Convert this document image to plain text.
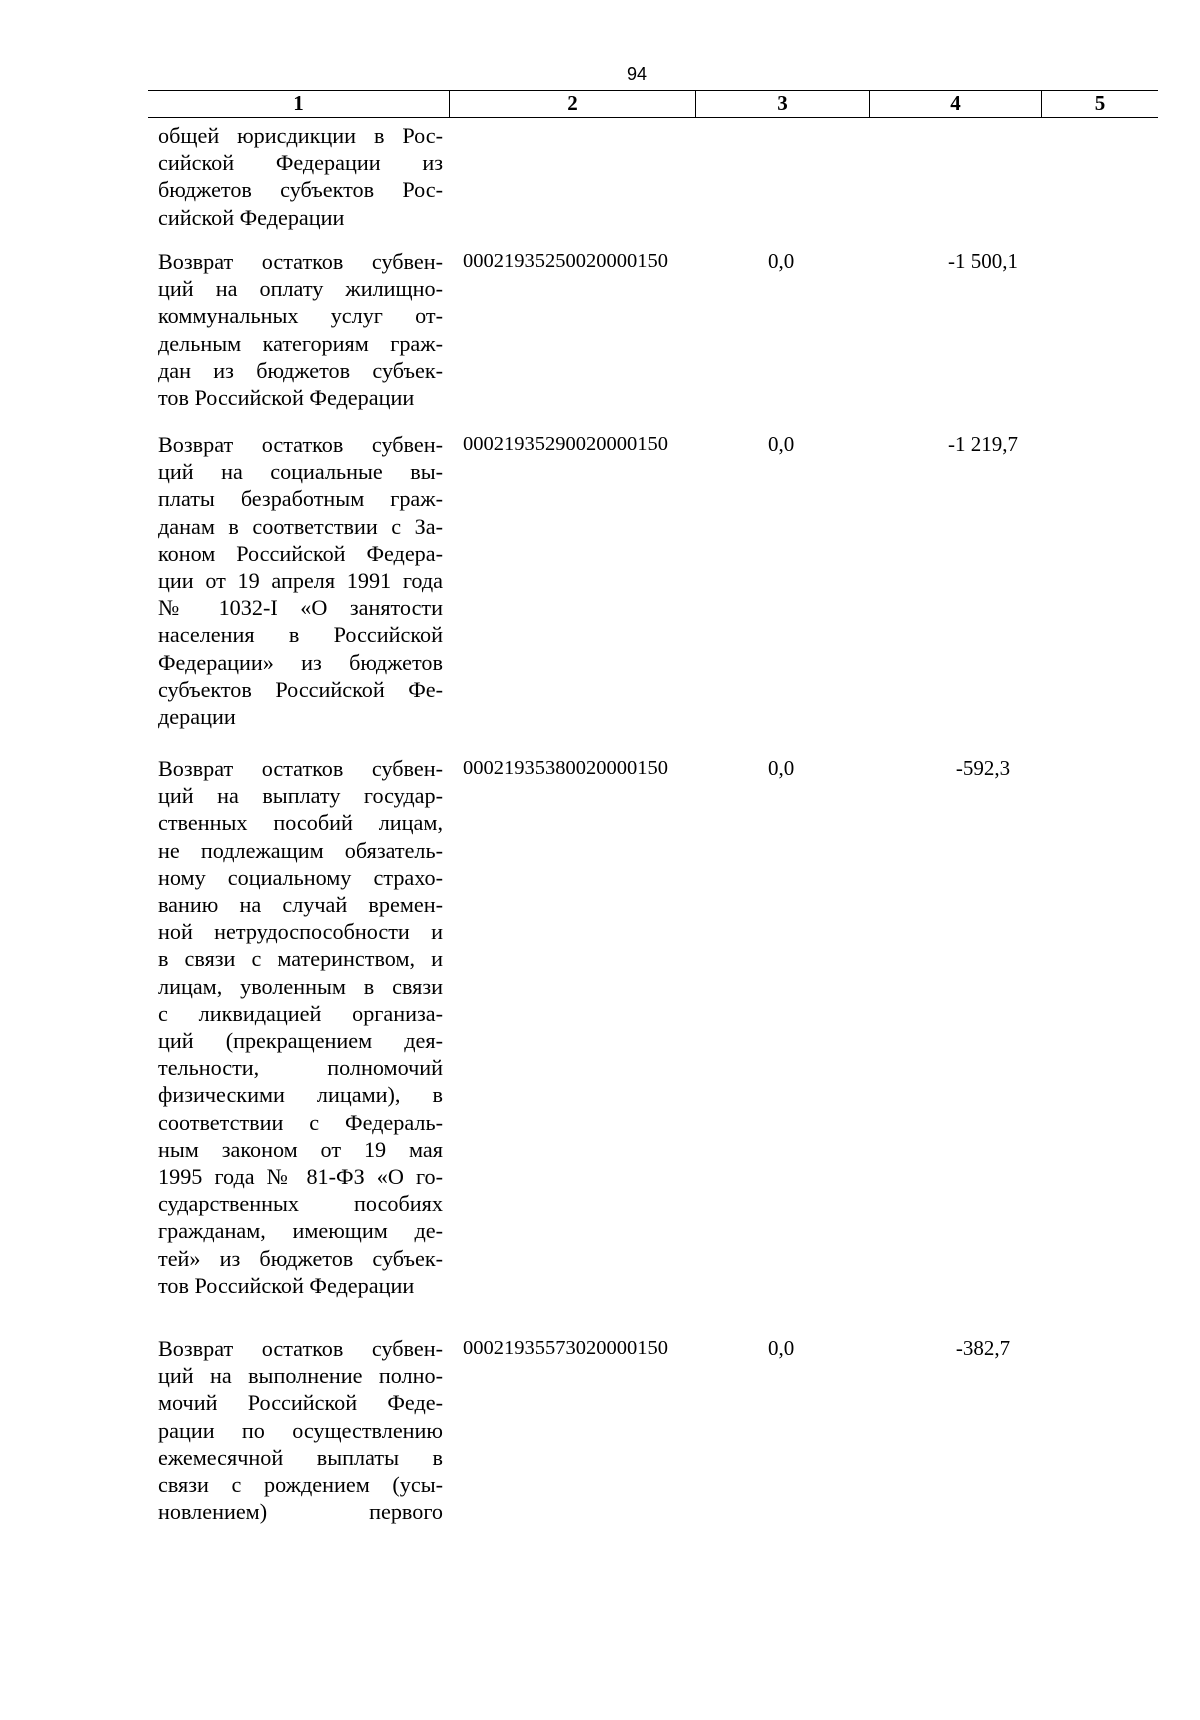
94
1	2	3	4	5
общей юрисдикции в Рос-
сийской Федерации из
бюджетов субъектов Рос-
сийской Федерации
Возврат остатков субвен-
ций на оплату жилищно-
коммунальных услуг от-
дельным категориям граж-
дан из бюджетов субъек-
тов Российской Федерации
00021935250020000150	0,0	-1 500,1
Возврат остатков субвен-
ций на социальные вы-
платы безработным граж-
данам в соответствии с За-
коном Российской Федера-
ции от 19 апреля 1991 года
№ 1032-I «О занятости
населения в Российской
Федерации» из бюджетов
субъектов Российской Фе-
дерации
00021935290020000150	0,0	-1 219,7
Возврат остатков субвен-
ций на выплату государ-
ственных пособий лицам,
не подлежащим обязатель-
ному социальному страхо-
ванию на случай времен-
ной нетрудоспособности и
в связи с материнством, и
лицам, уволенным в связи
с ликвидацией организа-
ций (прекращением дея-
тельности, полномочий
физическими лицами), в
соответствии с Федераль-
ным законом от 19 мая
1995 года № 81-ФЗ «О го-
сударственных пособиях
гражданам, имеющим де-
тей» из бюджетов субъек-
тов Российской Федерации
00021935380020000150	0,0	-592,3
Возврат остатков субвен-
ций на выполнение полно-
мочий Российской Феде-
рации по осуществлению
ежемесячной выплаты в
связи с рождением (усы-
новлением) первого
00021935573020000150	0,0	-382,7
